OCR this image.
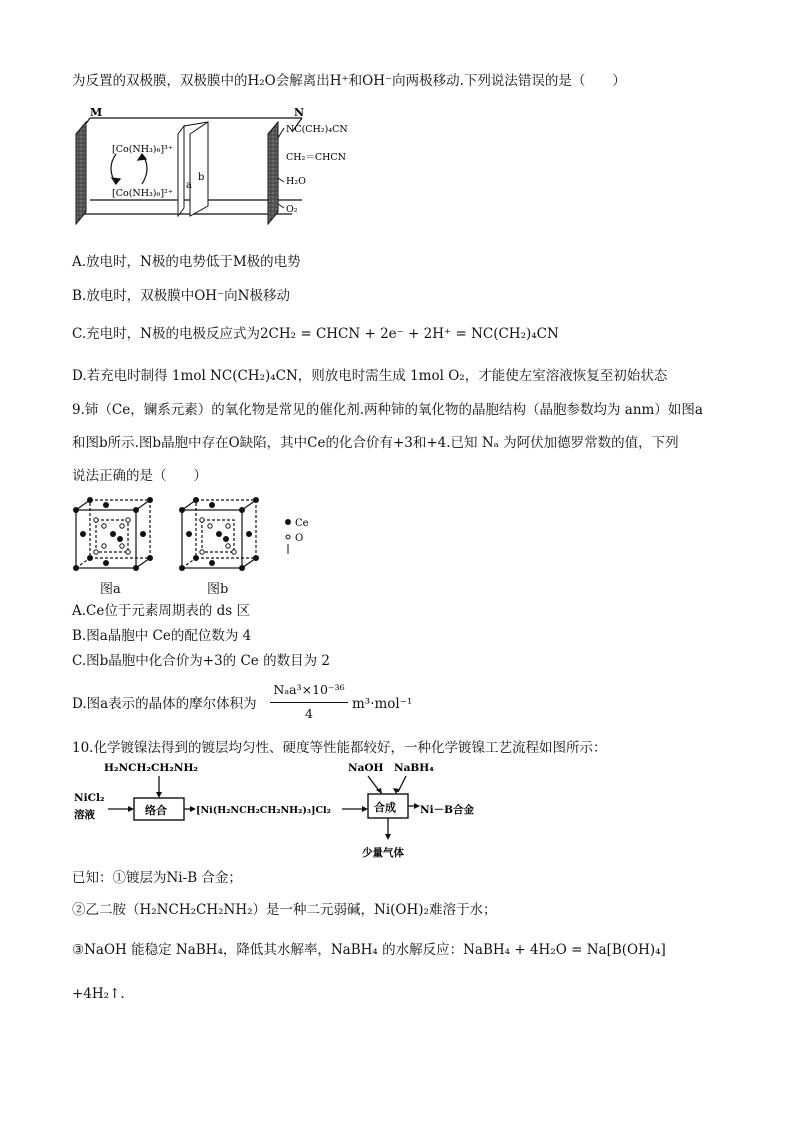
为反置的双极膜，双极膜中的H₂O会解离出H⁺和OH⁻向两极移动.下列说法错误的是（　　）
M	N
[Co(NH₃)₆]³⁺
[Co(NH₃)₆]²⁺
a
b
NC(CH₂)₄CN
CH₂＝CHCN
H₂O
O₂
A.放电时，N极的电势低于M极的电势
B.放电时，双极膜中OH⁻向N极移动
C.充电时，N极的电极反应式为2CH₂ = CHCN + 2e⁻ + 2H⁺ = NC(CH₂)₄CN
D.若充电时制得 1mol NC(CH₂)₄CN，则放电时需生成 1mol O₂，才能使左室溶液恢复至初始状态
9.铈（Ce，镧系元素）的氧化物是常见的催化剂.两种铈的氧化物的晶胞结构（晶胞参数均为 anm）如图a
和图b所示.图b晶胞中存在O缺陷，其中Ce的化合价有+3和+4.已知 Nₐ 为阿伏加德罗常数的值，下列
说法正确的是（　　）
Ce
O
图a	图b
A.Ce位于元素周期表的 ds 区
B.图a晶胞中 Ce的配位数为 4
C.图b晶胞中化合价为+3的 Ce 的数目为 2
D.图a表示的晶体的摩尔体积为
Nₐa³×10⁻³⁶
4
m³·mol⁻¹
10.化学镀镍法得到的镀层均匀性、硬度等性能都较好，一种化学镀镍工艺流程如图所示：
H₂NCH₂CH₂NH₂
NiCl₂
溶液	[Ni(H₂NCH₂CH₂NH₂)₃]Cl₂
NaOH NaBH₄
Ni－B合金
少量气体
络合	合成
已知：①镀层为Ni-B 合金；
②乙二胺（H₂NCH₂CH₂NH₂）是一种二元弱碱，Ni(OH)₂难溶于水；
③NaOH 能稳定 NaBH₄，降低其水解率，NaBH₄ 的水解反应：NaBH₄ + 4H₂O = Na[B(OH)₄]
+4H₂↑.
